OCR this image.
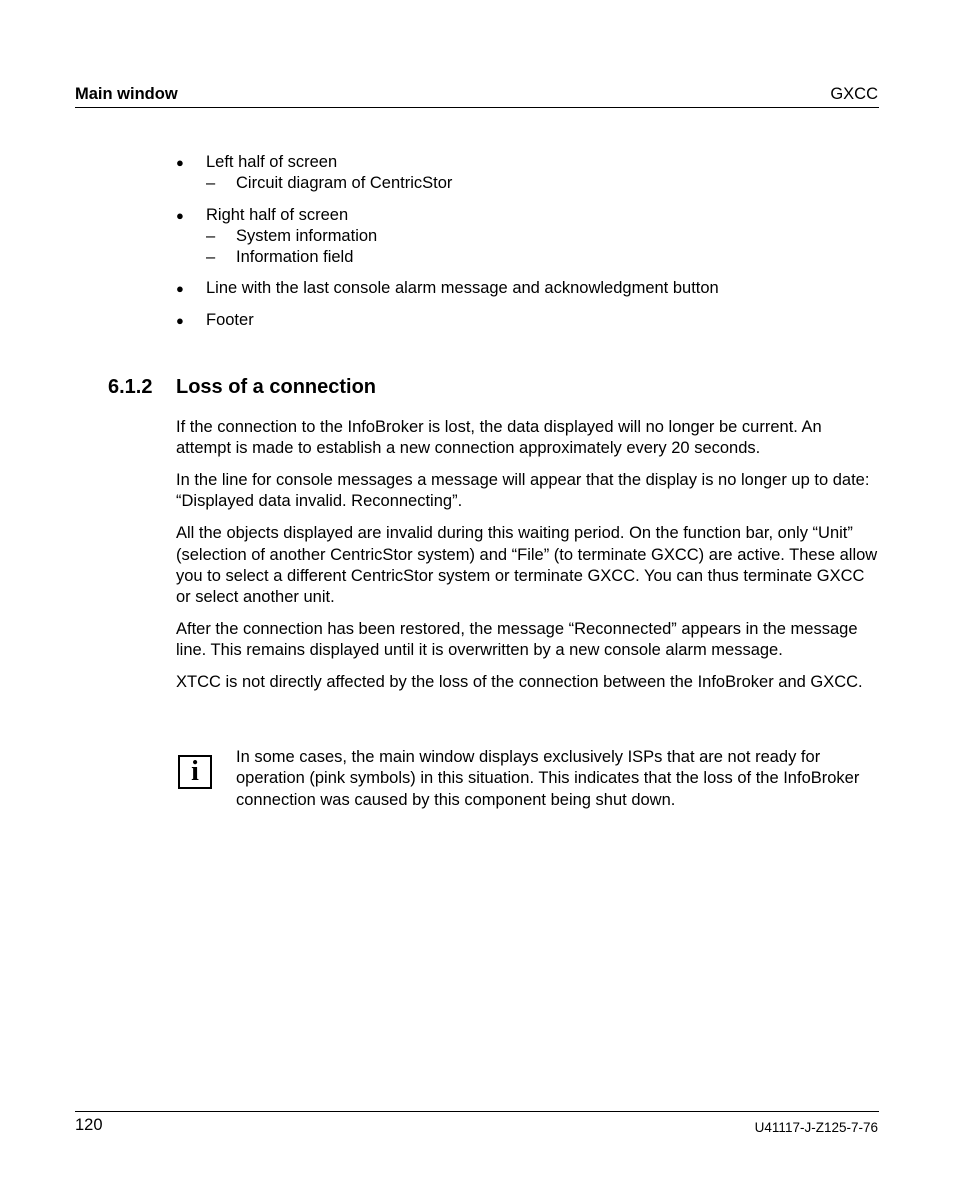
Main window	GXCC
● Left half of screen
– Circuit diagram of CentricStor
● Right half of screen
– System information
– Information field
● Line with the last console alarm message and acknowledgment button
● Footer
6.1.2 Loss of a connection

If the connection to the InfoBroker is lost, the data displayed will no longer be current. An attempt is made to establish a new connection approximately every 20 seconds.

In the line for console messages a message will appear that the display is no longer up to date: “Displayed data invalid. Reconnecting”.

All the objects displayed are invalid during this waiting period. On the function bar, only “Unit” (selection of another CentricStor system) and “File” (to terminate GXCC) are active. These allow you to select a different CentricStor system or terminate GXCC. You can thus terminate GXCC or select another unit.

After the connection has been restored, the message “Reconnected” appears in the message line. This remains displayed until it is overwritten by a new console alarm message.

XTCC is not directly affected by the loss of the connection between the InfoBroker and GXCC.

i	In some cases, the main window displays exclusively ISPs that are not ready for operation (pink symbols) in this situation. This indicates that the loss of the InfoBroker connection was caused by this component being shut down.
120	U41117-J-Z125-7-76
